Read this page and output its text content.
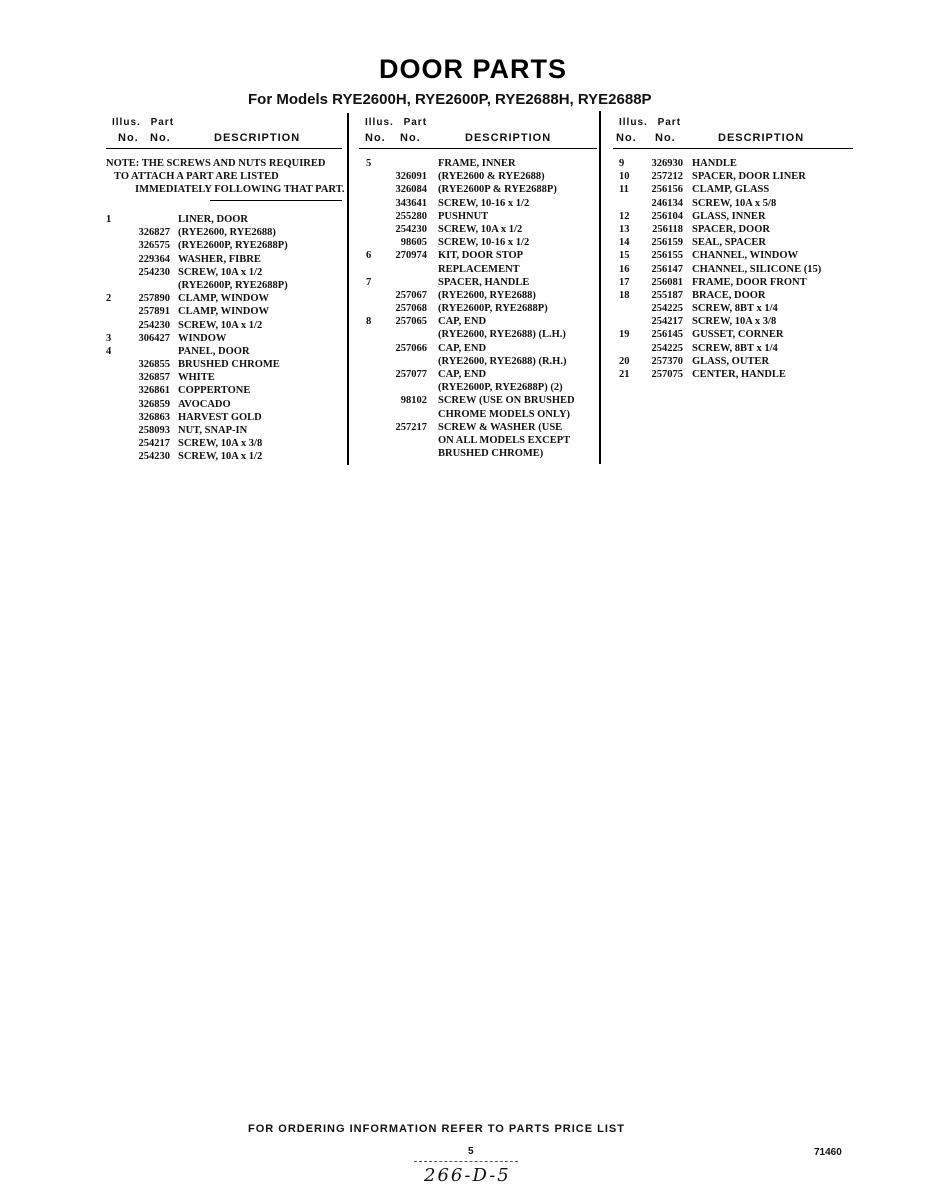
DOOR PARTS
For Models RYE2600H, RYE2600P, RYE2688H, RYE2688P
Illus. Part
No. No.	DESCRIPTION
NOTE: THE SCREWS AND NUTS REQUIRED
TO ATTACH A PART ARE LISTED
IMMEDIATELY FOLLOWING THAT PART.
1	LINER, DOOR
326827 (RYE2600, RYE2688)
326575 (RYE2600P, RYE2688P)
229364 WASHER, FIBRE
254230 SCREW, 10A x 1/2
(RYE2600P, RYE2688P)
2	257890 CLAMP, WINDOW
257891 CLAMP, WINDOW
254230 SCREW, 10A x 1/2
3	306427 WINDOW
4	PANEL, DOOR
326855 BRUSHED CHROME
326857 WHITE
326861 COPPERTONE
326859 AVOCADO
326863 HARVEST GOLD
258093 NUT, SNAP-IN
254217 SCREW, 10A x 3/8
254230 SCREW, 10A x 1/2
Illus. Part
No. No.	DESCRIPTION
5	FRAME, INNER
326091 (RYE2600 & RYE2688)
326084 (RYE2600P & RYE2688P)
343641 SCREW, 10-16 x 1/2
255280 PUSHNUT
254230 SCREW, 10A x 1/2
98605 SCREW, 10-16 x 1/2
6	270974 KIT, DOOR STOP
REPLACEMENT
7	SPACER, HANDLE
257067 (RYE2600, RYE2688)
257068 (RYE2600P, RYE2688P)
8	257065 CAP, END
(RYE2600, RYE2688) (L.H.)
257066 CAP, END
(RYE2600, RYE2688) (R.H.)
257077 CAP, END
(RYE2600P, RYE2688P) (2)
98102 SCREW (USE ON BRUSHED
CHROME MODELS ONLY)
257217 SCREW & WASHER (USE
ON ALL MODELS EXCEPT
BRUSHED CHROME)
Illus. Part
No. No.	DESCRIPTION
9	326930 HANDLE
10	257212 SPACER, DOOR LINER
11	256156 CLAMP, GLASS
246134 SCREW, 10A x 5/8
12	256104 GLASS, INNER
13	256118 SPACER, DOOR
14	256159 SEAL, SPACER
15	256155 CHANNEL, WINDOW
16	256147 CHANNEL, SILICONE (15)
17	256081 FRAME, DOOR FRONT
18	255187 BRACE, DOOR
254225 SCREW, 8BT x 1/4
254217 SCREW, 10A x 3/8
19	256145 GUSSET, CORNER
254225 SCREW, 8BT x 1/4
20	257370 GLASS, OUTER
21	257075 CENTER, HANDLE
FOR ORDERING INFORMATION REFER TO PARTS PRICE LIST
5	71460
266-D-5
